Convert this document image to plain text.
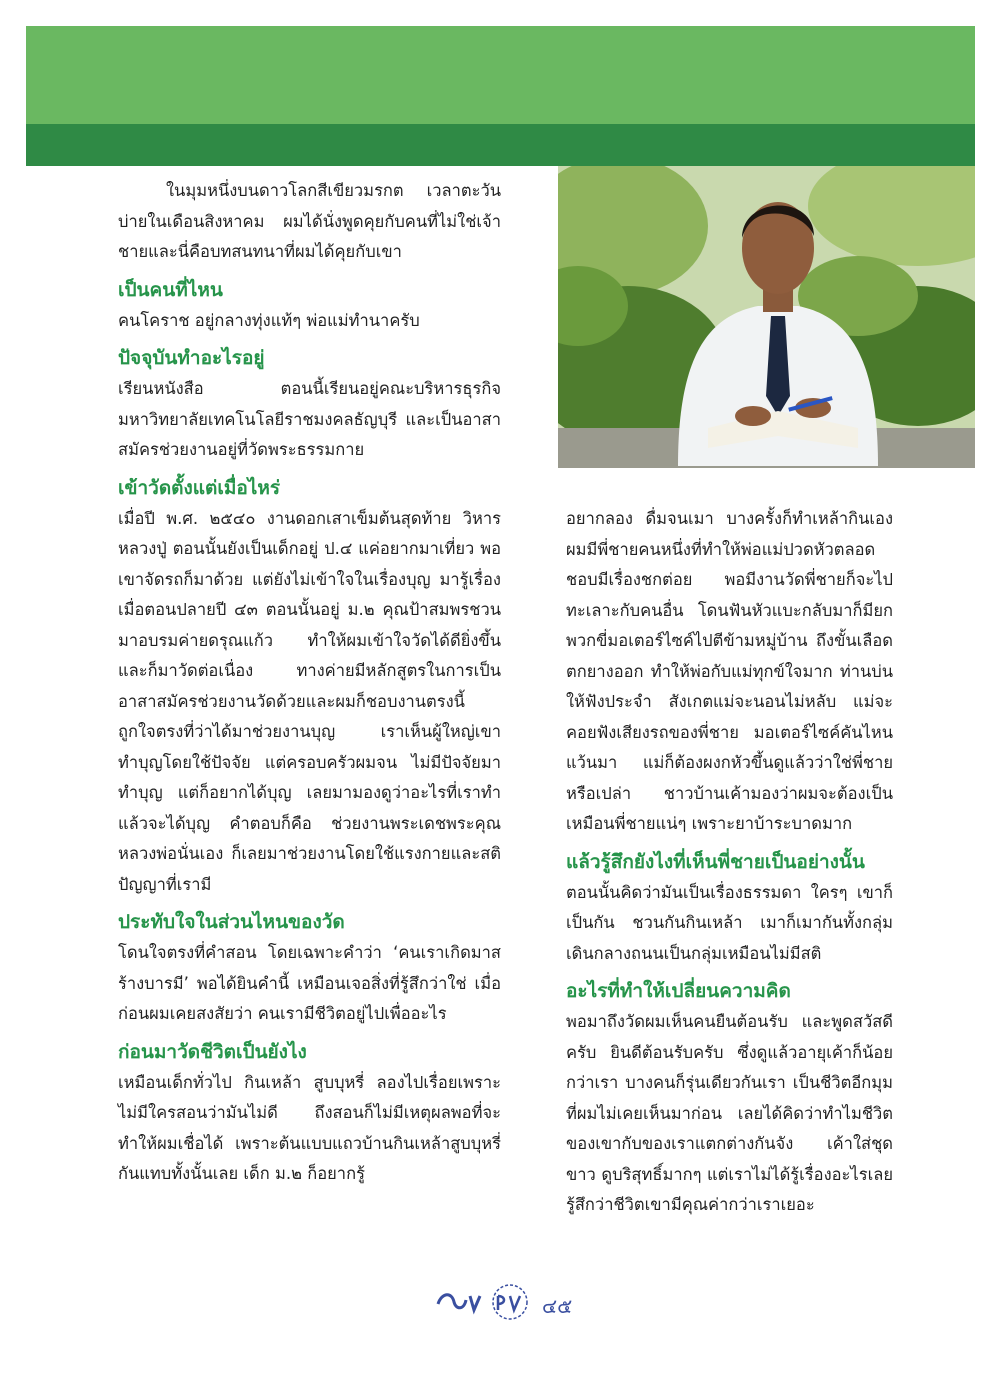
ในมุมหนึ่งบนดาวโลกสีเขียวมรกต เวลาตะวันบ่ายในเดือนสิงหาคม ผมได้นั่งพูดคุยกับคนที่ไม่ใช่เจ้าชายและนี่คือบทสนทนาที่ผมได้คุยกับเขา

เป็นคนที่ไหน

คนโคราช อยู่กลางทุ่งแท้ๆ พ่อแม่ทำนาครับ

ปัจจุบันทำอะไรอยู่

เรียนหนังสือ ตอนนี้เรียนอยู่คณะบริหารธุรกิจ มหาวิทยาลัยเทคโนโลยีราชมงคลธัญบุรี และเป็นอาสาสมัครช่วยงานอยู่ที่วัดพระธรรมกาย

เข้าวัดตั้งแต่เมื่อไหร่

เมื่อปี พ.ศ. ๒๕๔๐ งานดอกเสาเข็มต้นสุดท้าย วิหารหลวงปู่ ตอนนั้นยังเป็นเด็กอยู่ ป.๔ แค่อยากมาเที่ยว พอเขาจัดรถก็มาด้วย แต่ยังไม่เข้าใจในเรื่องบุญ มารู้เรื่องเมื่อตอนปลายปี ๔๓ ตอนนั้นอยู่ ม.๒ คุณป้าสมพรชวนมาอบรมค่ายดรุณแก้ว ทำให้ผมเข้าใจวัดได้ดียิ่งขึ้น และก็มาวัดต่อเนื่อง ทางค่ายมีหลักสูตรในการเป็นอาสาสมัครช่วยงานวัดด้วยและผมก็ชอบงานตรงนี้ ถูกใจตรงที่ว่าได้มาช่วยงานบุญ เราเห็นผู้ใหญ่เขาทำบุญโดยใช้ปัจจัย แต่ครอบครัวผมจน ไม่มีปัจจัยมาทำบุญ แต่ก็อยากได้บุญ เลยมามองดูว่าอะไรที่เราทำแล้วจะได้บุญ คำตอบก็คือ ช่วยงานพระเดชพระคุณหลวงพ่อนั่นเอง ก็เลยมาช่วยงานโดยใช้แรงกายและสติปัญญาที่เรามี

ประทับใจในส่วนไหนของวัด

โดนใจตรงที่คำสอน โดยเฉพาะคำว่า ‘คนเราเกิดมาสร้างบารมี’ พอได้ยินคำนี้ เหมือนเจอสิ่งที่รู้สึกว่าใช่ เมื่อก่อนผมเคยสงสัยว่า คนเรามีชีวิตอยู่ไปเพื่ออะไร

ก่อนมาวัดชีวิตเป็นยังไง

เหมือนเด็กทั่วไป กินเหล้า สูบบุหรี่ ลองไปเรื่อยเพราะไม่มีใครสอนว่ามันไม่ดี ถึงสอนก็ไม่มีเหตุผลพอที่จะทำให้ผมเชื่อได้ เพราะต้นแบบแถวบ้านกินเหล้าสูบบุหรี่กันแทบทั้งนั้นเลย เด็ก ม.๒ ก็อยากรู้

อยากลอง ดื่มจนเมา บางครั้งก็ทำเหล้ากินเอง ผมมีพี่ชายคนหนึ่งที่ทำให้พ่อแม่ปวดหัวตลอด ชอบมีเรื่องชกต่อย พอมีงานวัดพี่ชายก็จะไปทะเลาะกับคนอื่น โดนฟันหัวแบะกลับมาก็มียกพวกขี่มอเตอร์ไซค์ไปตีข้ามหมู่บ้าน ถึงขั้นเลือดตกยางออก ทำให้พ่อกับแม่ทุกข์ใจมาก ท่านบ่นให้ฟังประจำ สังเกตแม่จะนอนไม่หลับ แม่จะคอยฟังเสียงรถของพี่ชาย มอเตอร์ไซค์คันไหนแว้นมา แม่ก็ต้องผงกหัวขึ้นดูแล้วว่าใช่พี่ชายหรือเปล่า ชาวบ้านเค้ามองว่าผมจะต้องเป็นเหมือนพี่ชายแน่ๆ เพราะยาบ้าระบาดมาก

แล้วรู้สึกยังไงที่เห็นพี่ชายเป็นอย่างนั้น

ตอนนั้นคิดว่ามันเป็นเรื่องธรรมดา ใครๆ เขาก็เป็นกัน ชวนกันกินเหล้า เมาก็เมากันทั้งกลุ่ม เดินกลางถนนเป็นกลุ่มเหมือนไม่มีสติ

อะไรที่ทำให้เปลี่ยนความคิด

พอมาถึงวัดผมเห็นคนยืนต้อนรับ และพูดสวัสดีครับ ยินดีต้อนรับครับ ซึ่งดูแล้วอายุเค้าก็น้อยกว่าเรา บางคนก็รุ่นเดียวกันเรา เป็นชีวิตอีกมุมที่ผมไม่เคยเห็นมาก่อน เลยได้คิดว่าทำไมชีวิตของเขากับของเราแตกต่างกันจัง เค้าใส่ชุดขาว ดูบริสุทธิ์มากๆ แต่เราไม่ได้รู้เรื่องอะไรเลย รู้สึกว่าชีวิตเขามีคุณค่ากว่าเราเยอะ

๔๕
